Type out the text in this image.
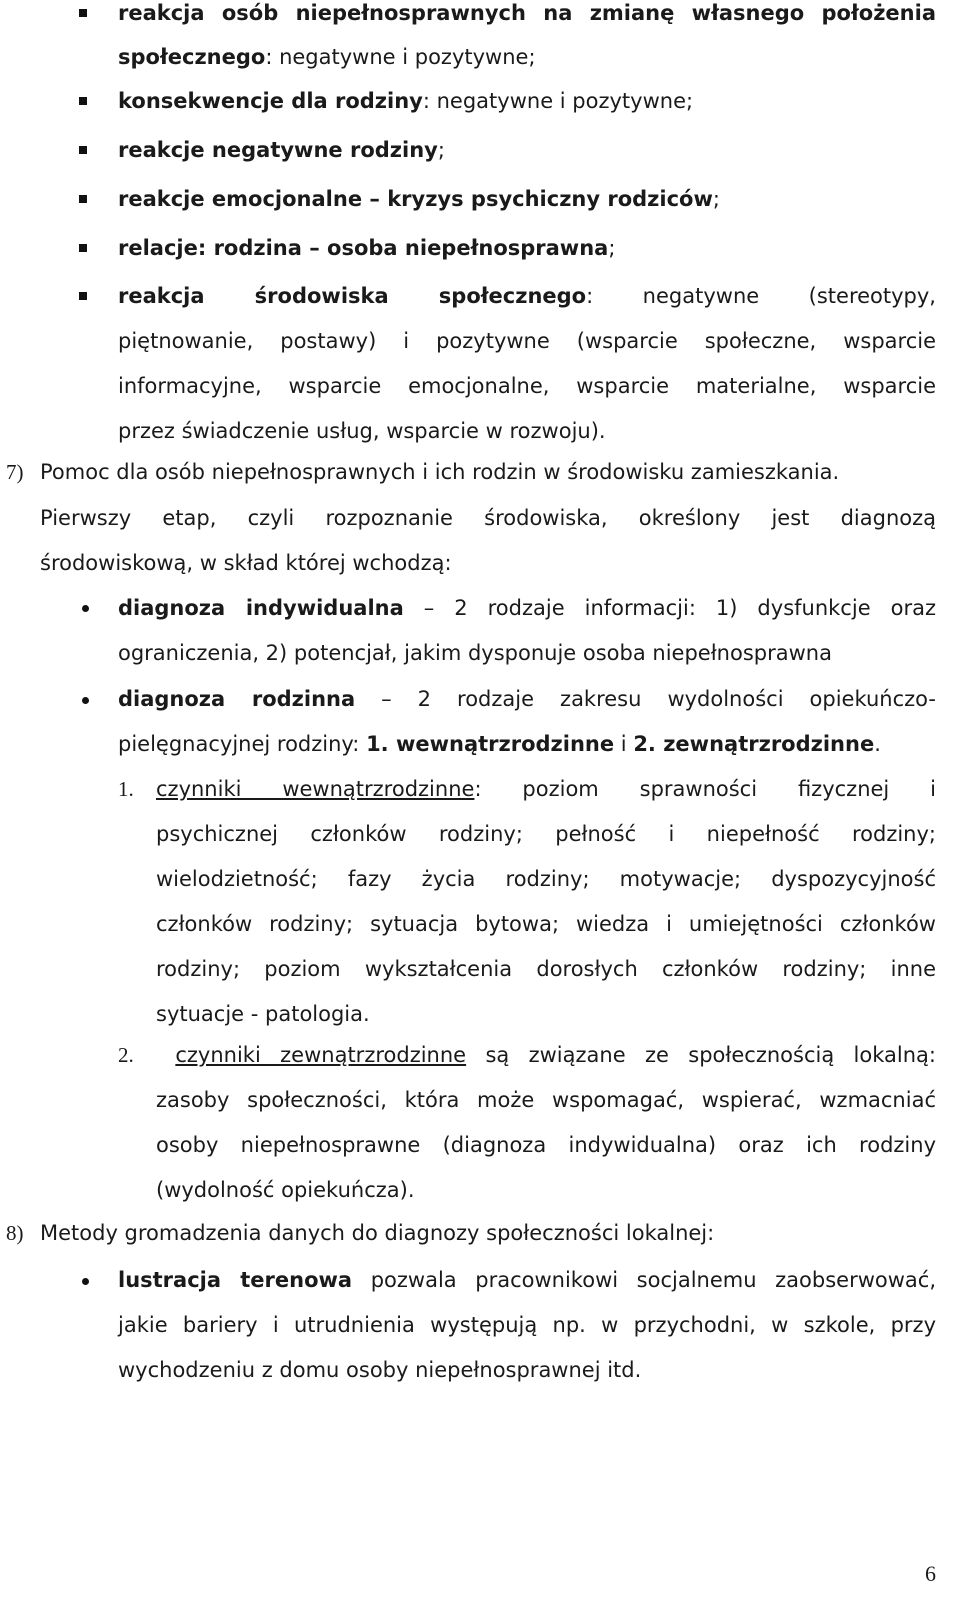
reakcja osób niepełnosprawnych na zmianę własnego położenia
społecznego: negatywne i pozytywne;
konsekwencje dla rodziny: negatywne i pozytywne;
reakcje negatywne rodziny;
reakcje emocjonalne – kryzys psychiczny rodziców;
relacje: rodzina – osoba niepełnosprawna;
reakcja środowiska społecznego: negatywne (stereotypy,
piętnowanie, postawy) i pozytywne (wsparcie społeczne, wsparcie
informacyjne, wsparcie emocjonalne, wsparcie materialne, wsparcie
przez świadczenie usług, wsparcie w rozwoju).
7) Pomoc dla osób niepełnosprawnych i ich rodzin w środowisku zamieszkania.
Pierwszy etap, czyli rozpoznanie środowiska, określony jest diagnozą
środowiskową, w skład której wchodzą:
diagnoza indywidualna – 2 rodzaje informacji: 1) dysfunkcje oraz
ograniczenia, 2) potencjał, jakim dysponuje osoba niepełnosprawna
diagnoza rodzinna – 2 rodzaje zakresu wydolności opiekuńczo-
pielęgnacyjnej rodziny: 1. wewnątrzrodzinne i 2. zewnątrzrodzinne.
1. czynniki wewnątrzrodzinne: poziom sprawności fizycznej i
psychicznej członków rodziny; pełność i niepełność rodziny;
wielodzietność; fazy życia rodziny; motywacje; dyspozycyjność
członków rodziny; sytuacja bytowa; wiedza i umiejętności członków
rodziny; poziom wykształcenia dorosłych członków rodziny; inne
sytuacje - patologia.
2.	czynniki zewnątrzrodzinne są związane ze społecznością lokalną:
zasoby społeczności, która może wspomagać, wspierać, wzmacniać
osoby niepełnosprawne (diagnoza indywidualna) oraz ich rodziny
(wydolność opiekuńcza).
8) Metody gromadzenia danych do diagnozy społeczności lokalnej:
lustracja terenowa pozwala pracownikowi socjalnemu zaobserwować,
jakie bariery i utrudnienia występują np. w przychodni, w szkole, przy
wychodzeniu z domu osoby niepełnosprawnej itd.
6
